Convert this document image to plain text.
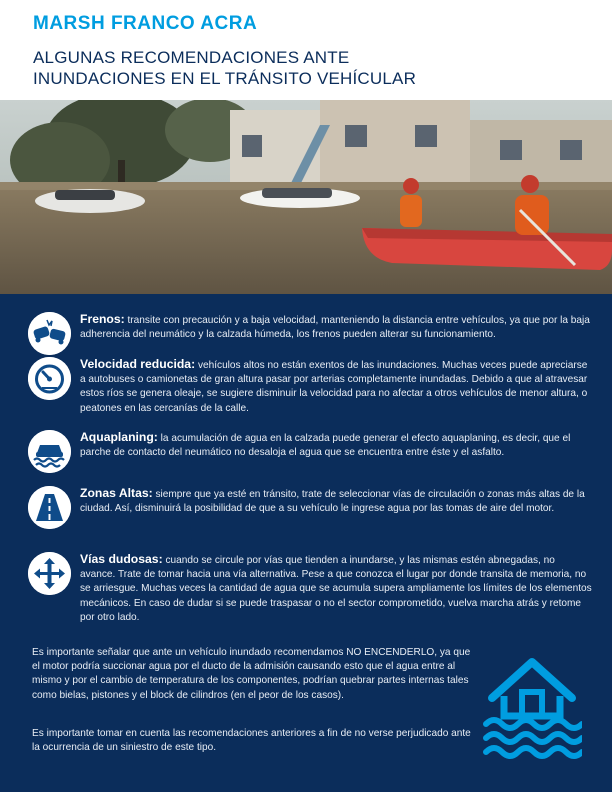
MARSH FRANCO ACRA
ALGUNAS RECOMENDACIONES ANTE
INUNDACIONES EN EL TRÁNSITO VEHÍCULAR
Frenos: transite con precaución y a baja velocidad, manteniendo la distancia entre vehículos, ya que por la baja adherencia del neumático y la calzada húmeda, los frenos pueden alterar su funcionamiento.
Velocidad reducida: vehículos altos no están exentos de las inundaciones. Muchas veces puede apreciarse a autobuses o camionetas de gran altura pasar por arterias completamente inundadas. Debido a que al atravesar estos ríos se genera oleaje, se sugiere disminuir la velocidad para no afectar a otros vehículos de menor altura, o peatones en las cercanías de la calle.
Aquaplaning: la acumulación de agua en la calzada puede generar el efecto aquaplaning, es decir, que el parche de contacto del neumático no desaloja el agua que se encuentra entre éste y el asfalto.
Zonas Altas: siempre que ya esté en tránsito, trate de seleccionar vías de circulación o zonas más altas de la ciudad. Así, disminuirá la posibilidad de que a su vehículo le ingrese agua por las tomas de aire del motor.
Vías dudosas: cuando se circule por vías que tienden a inundarse, y las mismas estén abnegadas, no avance. Trate de tomar hacia una vía alternativa. Pese a que conozca el lugar por donde transita de memoria, no se arriesgue. Muchas veces la cantidad de agua que se acumula supera ampliamente los límites de los elementos mecánicos. En caso de dudar si se puede traspasar o no el sector comprometido, vuelva marcha atrás y retome por otro lado.
Es importante señalar que ante un vehículo inundado recomendamos NO ENCENDERLO, ya que el motor podría succionar agua por el ducto de la admisión causando esto que el agua entre al mismo y por el cambio de temperatura de los componentes, podrían quebrar partes internas tales como bielas, pistones y el block de cilindros (en el peor de los casos).
Es importante tomar en cuenta las recomendaciones anteriores a fin de no verse perjudicado ante la ocurrencia de un siniestro de este tipo.
